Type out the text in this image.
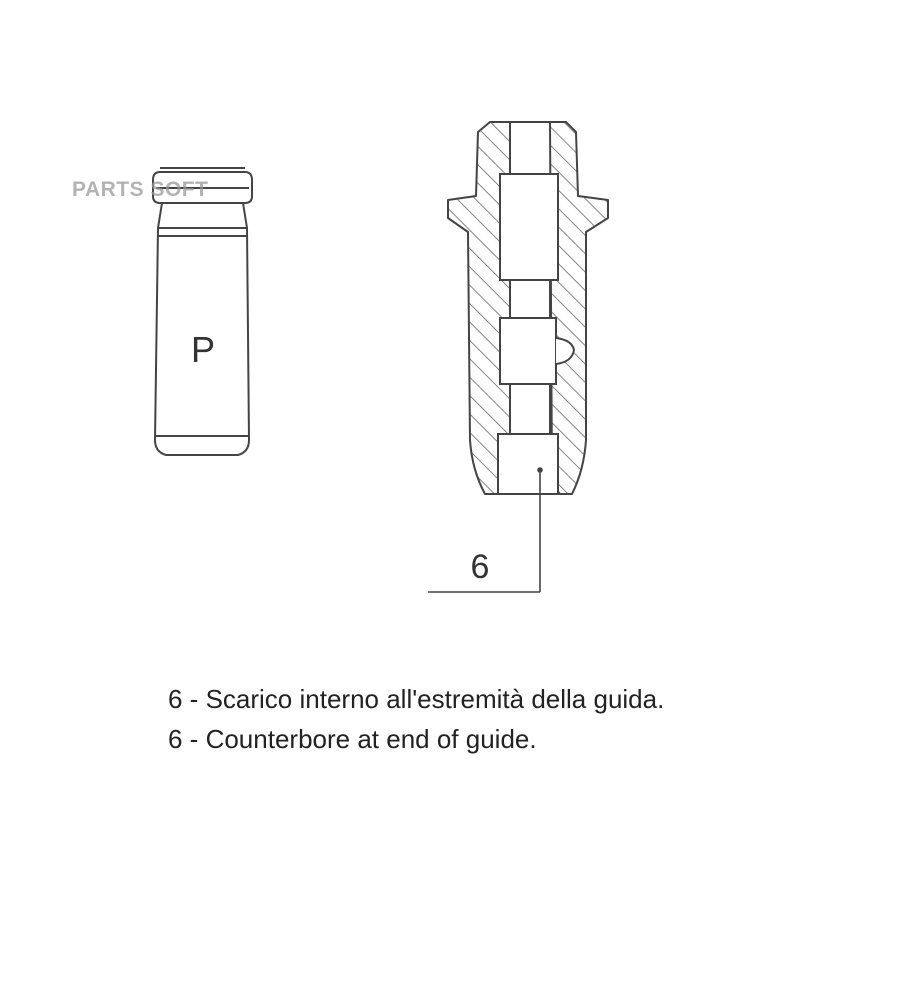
P
6
PARTS SOFT
6 - Scarico interno all'estremità della guida.
6 - Counterbore at end of guide.
